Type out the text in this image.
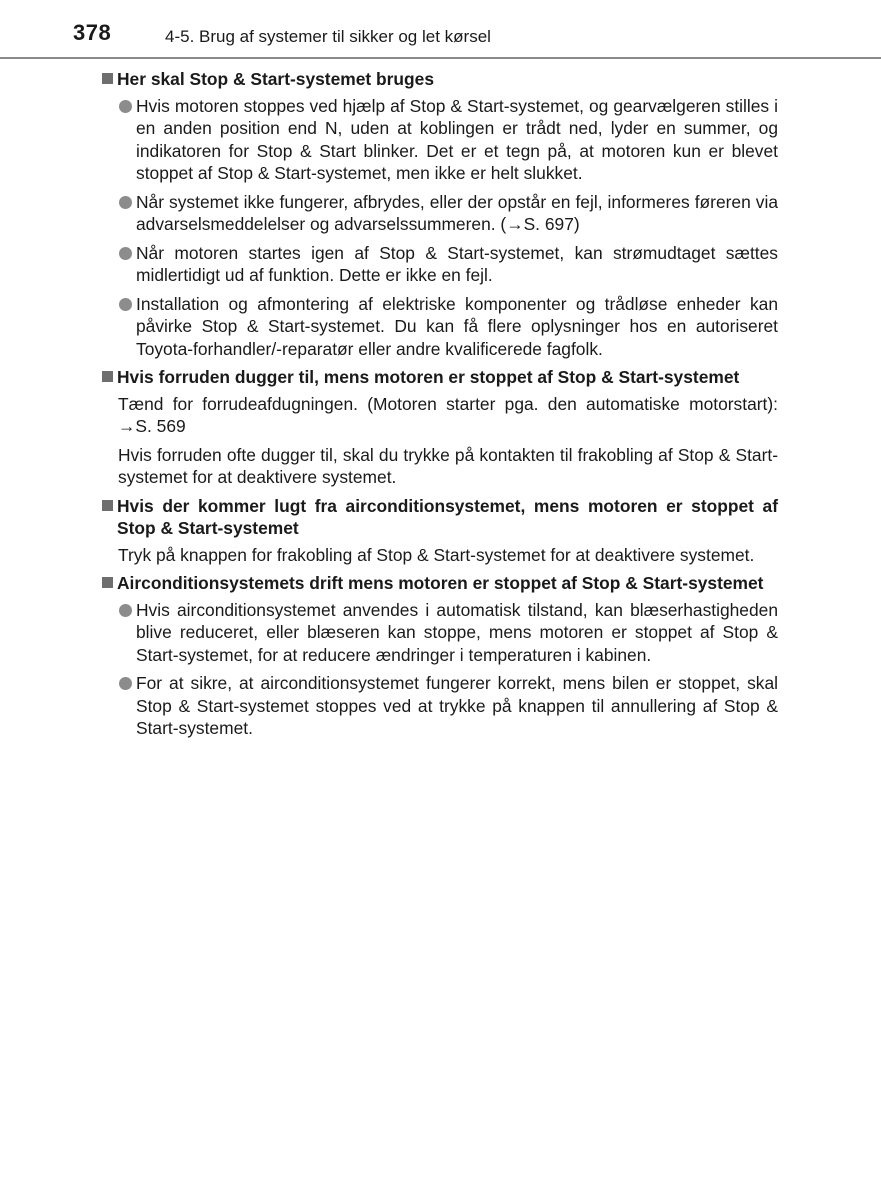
378	4-5. Brug af systemer til sikker og let kørsel
Her skal Stop & Start-systemet bruges
Hvis motoren stoppes ved hjælp af Stop & Start-systemet, og gearvælgeren stilles i en anden position end N, uden at koblingen er trådt ned, lyder en summer, og indikatoren for Stop & Start blinker. Det er et tegn på, at motoren kun er blevet stoppet af Stop & Start-systemet, men ikke er helt slukket.
Når systemet ikke fungerer, afbrydes, eller der opstår en fejl, informeres føreren via advarselsmeddelelser og advarselssummeren. (→S. 697)
Når motoren startes igen af Stop & Start-systemet, kan strømudtaget sættes midlertidigt ud af funktion. Dette er ikke en fejl.
Installation og afmontering af elektriske komponenter og trådløse enheder kan påvirke Stop & Start-systemet. Du kan få flere oplysninger hos en autoriseret Toyota-forhandler/-reparatør eller andre kvalificerede fagfolk.
Hvis forruden dugger til, mens motoren er stoppet af Stop & Start-systemet
Tænd for forrudeafdugningen. (Motoren starter pga. den automatiske motorstart): →S. 569
Hvis forruden ofte dugger til, skal du trykke på kontakten til frakobling af Stop & Start-systemet for at deaktivere systemet.
Hvis der kommer lugt fra airconditionsystemet, mens motoren er stoppet af Stop & Start-systemet
Tryk på knappen for frakobling af Stop & Start-systemet for at deaktivere systemet.
Airconditionsystemets drift mens motoren er stoppet af Stop & Start-systemet
Hvis airconditionsystemet anvendes i automatisk tilstand, kan blæserhastigheden blive reduceret, eller blæseren kan stoppe, mens motoren er stoppet af Stop & Start-systemet, for at reducere ændringer i temperaturen i kabinen.
For at sikre, at airconditionsystemet fungerer korrekt, mens bilen er stoppet, skal Stop & Start-systemet stoppes ved at trykke på knappen til annullering af Stop & Start-systemet.
